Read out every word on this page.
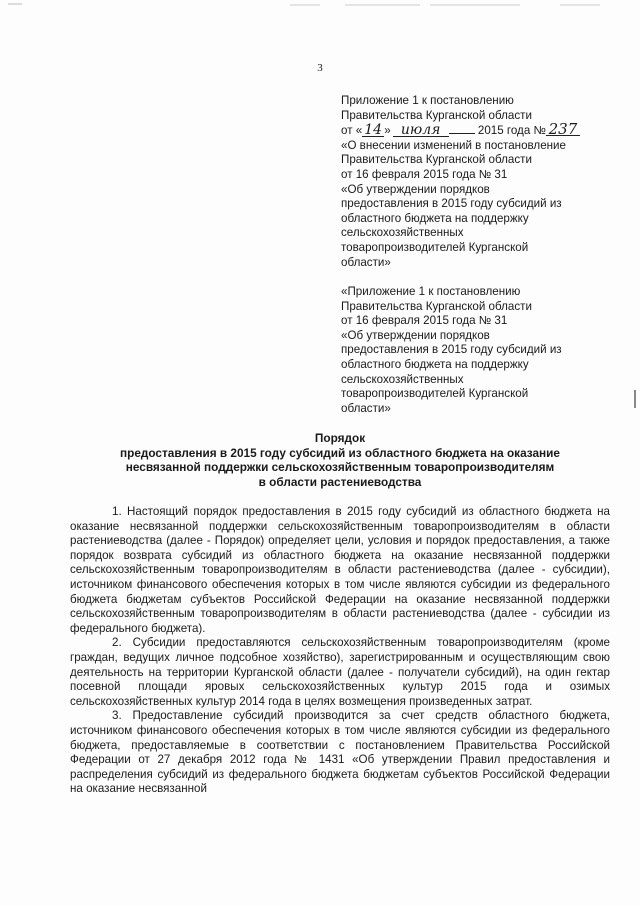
3
Приложение 1 к постановлению
Правительства Курганской области
от « 14 » июля	2015 года № 237
«О внесении изменений в постановление
Правительства Курганской области
от 16 февраля 2015 года № 31
«Об утверждении порядков
предоставления в 2015 году субсидий из
областного бюджета на поддержку
сельскохозяйственных
товаропроизводителей Курганской
области»
«Приложение 1 к постановлению
Правительства Курганской области
от 16 февраля 2015 года № 31
«Об утверждении порядков
предоставления в 2015 году субсидий из
областного бюджета на поддержку
сельскохозяйственных
товаропроизводителей Курганской
области»
Порядок
предоставления в 2015 году субсидий из областного бюджета на оказание
несвязанной поддержки сельскохозяйственным товаропроизводителям
в области растениеводства

1. Настоящий порядок предоставления в 2015 году субсидий из областного бюджета на оказание несвязанной поддержки сельскохозяйственным товаропроизводителям в области растениеводства (далее - Порядок) определяет цели, условия и порядок предоставления, а также порядок возврата субсидий из областного бюджета на оказание несвязанной поддержки сельскохозяйственным товаропроизводителям в области растениеводства (далее - субсидии), источником финансового обеспечения которых в том числе являются субсидии из федерального бюджета бюджетам субъектов Российской Федерации на оказание несвязанной поддержки сельскохозяйственным товаропроизводителям в области растениеводства (далее - субсидии из федерального бюджета).

2. Субсидии предоставляются сельскохозяйственным товаропроизводителям (кроме граждан, ведущих личное подсобное хозяйство), зарегистрированным и осуществляющим свою деятельность на территории Курганской области (далее - получатели субсидий), на один гектар посевной площади яровых сельскохозяйственных культур 2015 года и озимых сельскохозяйственных культур 2014 года в целях возмещения произведенных затрат.

3. Предоставление субсидий производится за счет средств областного бюджета, источником финансового обеспечения которых в том числе являются субсидии из федерального бюджета, предоставляемые в соответствии с постановлением Правительства Российской Федерации от 27 декабря 2012 года № 1431 «Об утверждении Правил предоставления и распределения субсидий из федерального бюджета бюджетам субъектов Российской Федерации на оказание несвязанной
